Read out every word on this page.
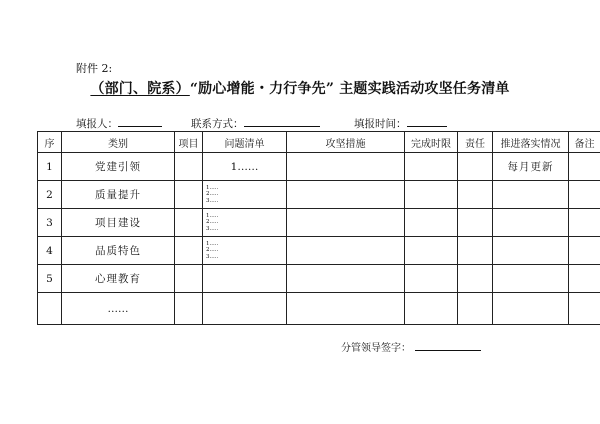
附件 2:
（部门、院系）“励心增能・力行争先” 主题实践活动攻坚任务清单
填报人：	联系方式：	填报时间：
序	类别	项目	问题清单	攻坚措施	完成时限	责任	推进落实情况	备注
1	党建引领		1……				每月更新	
2	质量提升		1.....
2.....
3.....					

3	项目建设		1.....
2.....
3.....					

4	品质特色		1.....
2.....
3.....					

5	心理教育							
	……							
分管领导签字：
